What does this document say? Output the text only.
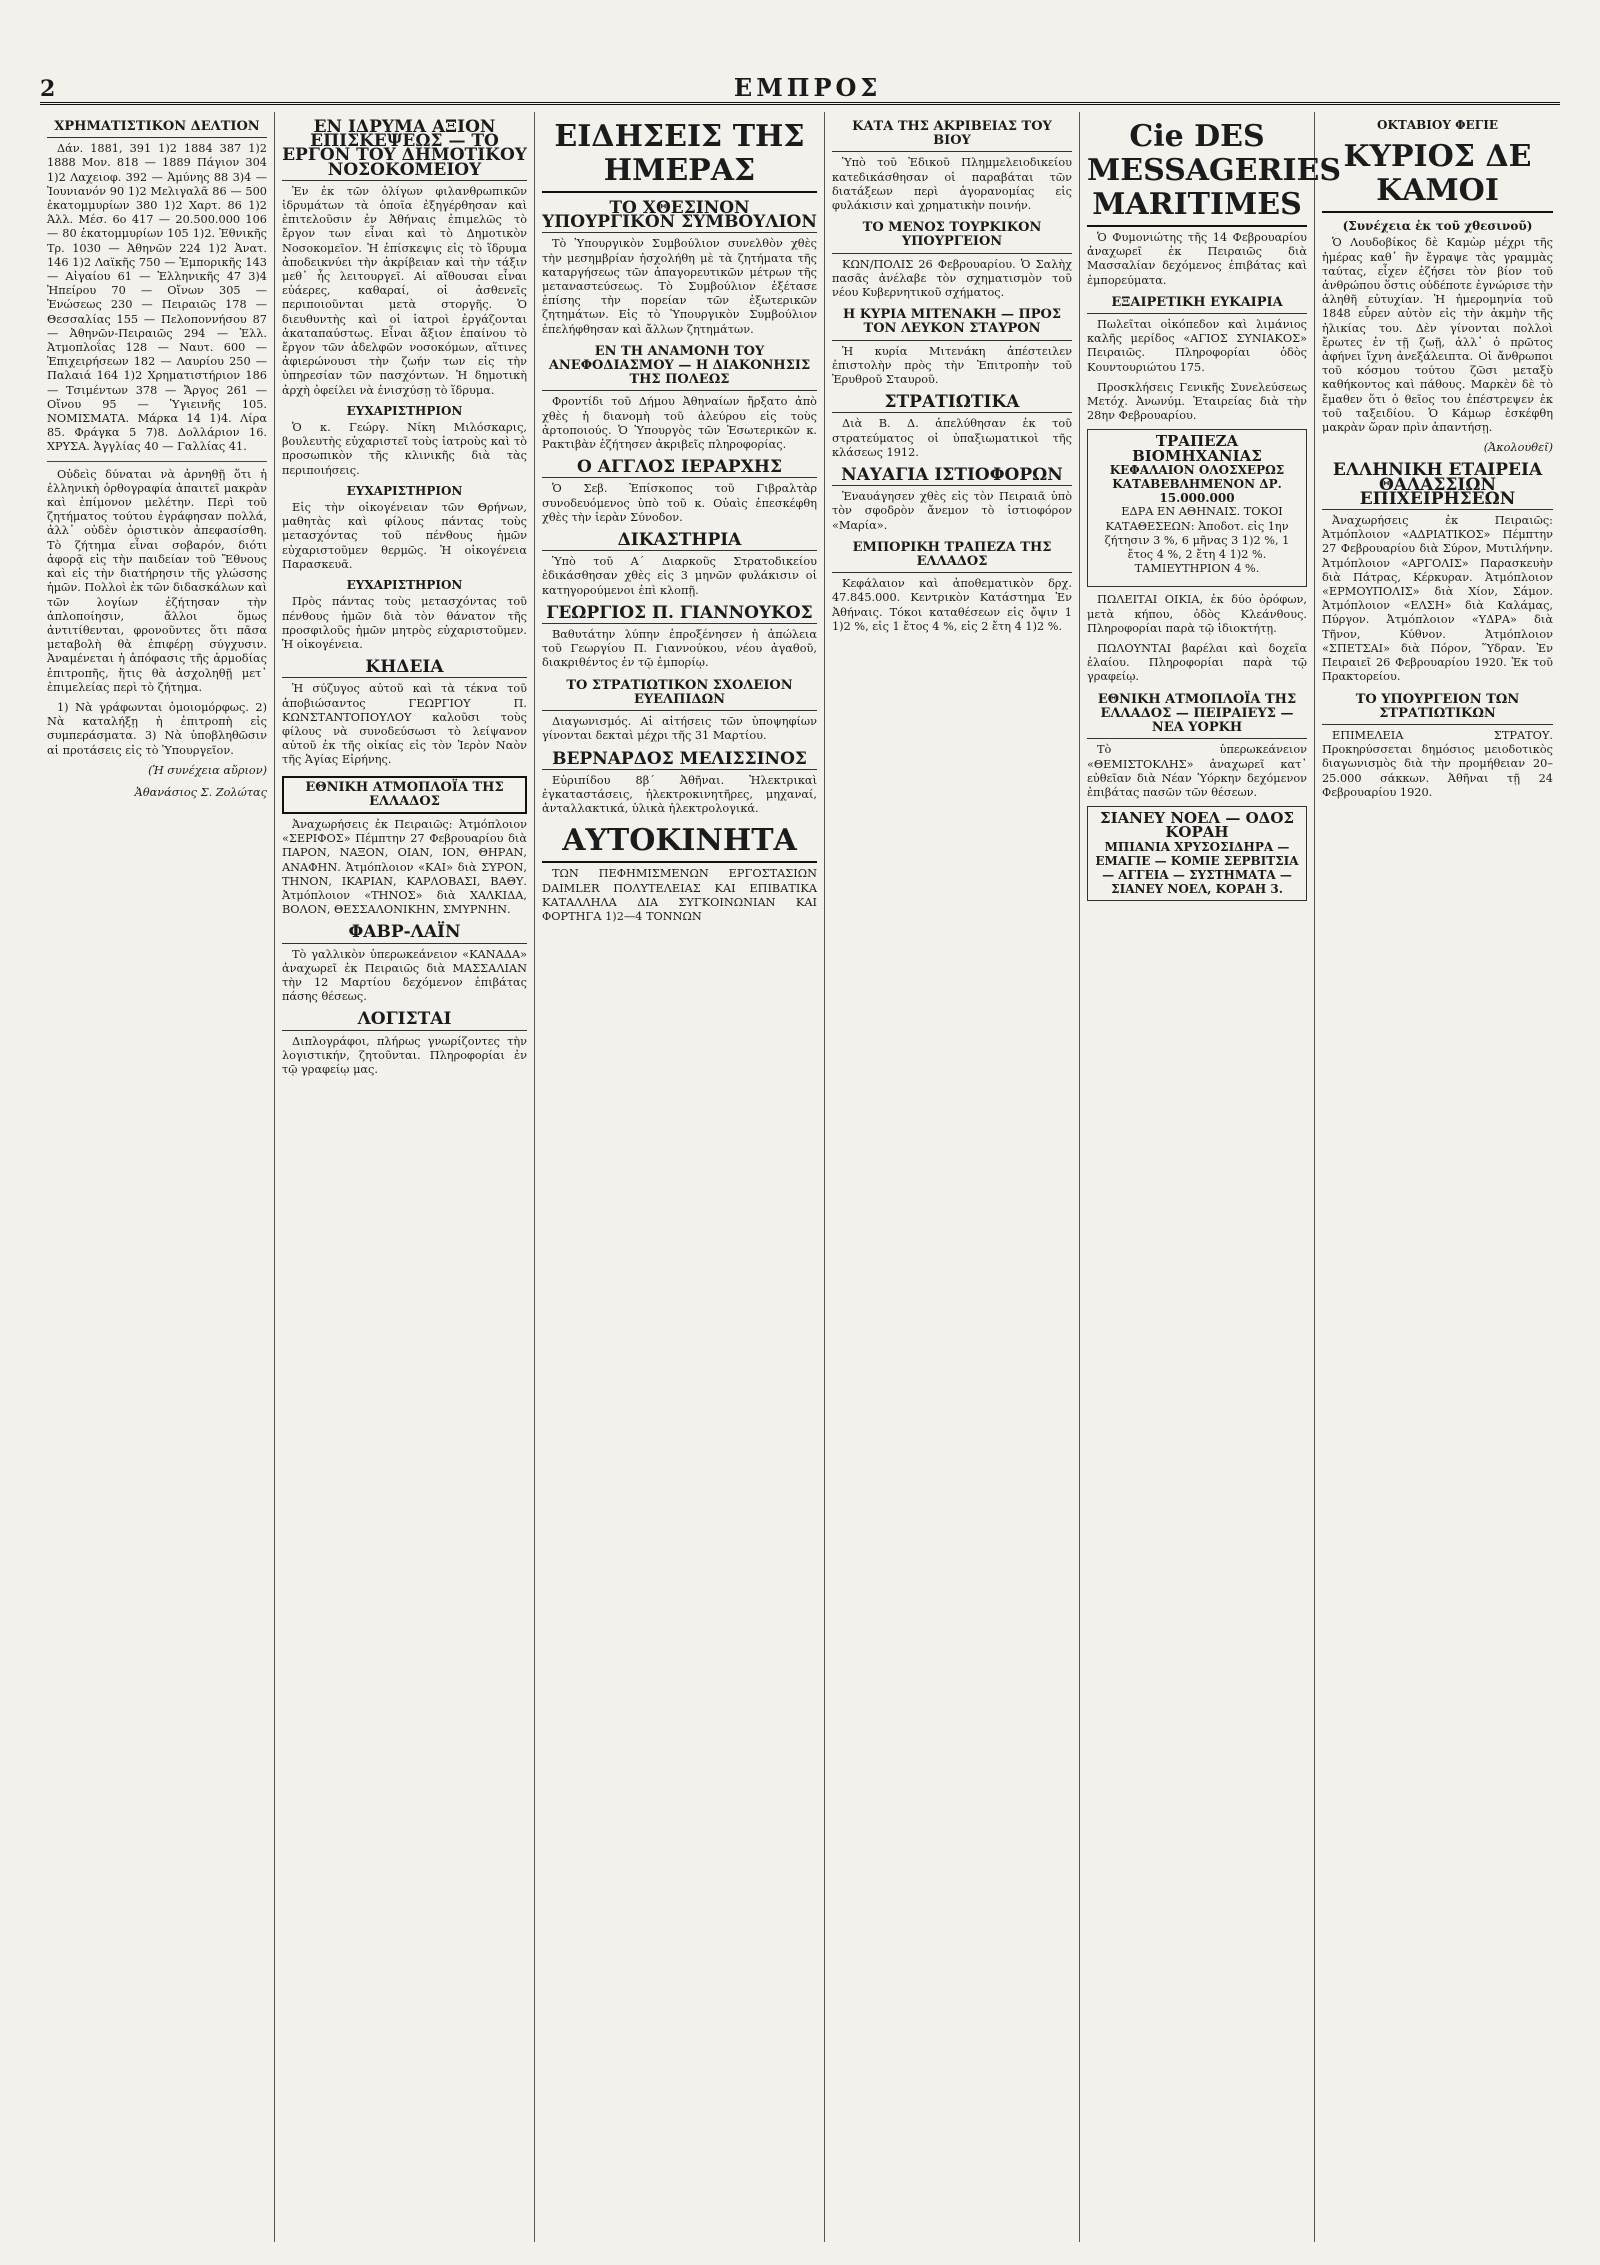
2	ΕΜΠΡΟΣ
ΧΡΗΜΑΤΙΣΤΙΚΟΝ ΔΕΛΤΙΟΝ

Δάν. 1881, 391 1)2 1884 387 1)2 1888 Μον. 818 — 1889 Πάγιον 304 1)2 Λαχειοφ. 392 — Ἀμύνης 88 3)4 — Ἰουνιανόν 90 1)2 Μελιγαλᾶ 86 — 500 ἑκατομμυρίων 380 1)2 Χαρτ. 86 1)2 Άλλ. Μέσ. 6ο 417 — 20.500.000 106 — 80 ἑκατομμυρίων 105 1)2. Ἐθνικῆς Τρ. 1030 — Ἀθηνῶν 224 1)2 Ἀνατ. 146 1)2 Λαϊκῆς 750 — Ἐμπορικῆς 143 — Αἰγαίου 61 — Ἑλληνικῆς 47 3)4 Ἠπείρου 70 — Οἴνων 305 — Ἐνώσεως 230 — Πειραιῶς 178 — Θεσσαλίας 155 — Πελοποννήσου 87 — Ἀθηνῶν-Πειραιῶς 294 — Ἑλλ. Ἀτμοπλοΐας 128 — Ναυτ. 600 — Ἐπιχειρήσεων 182 — Λαυρίου 250 — Παλαιά 164 1)2 Χρηματιστήριον 186 — Τσιμέντων 378 — Ἄργος 261 — Οἴνου 95 — Ὑγιεινῆς 105. ΝΟΜΙΣΜΑΤΑ. Μάρκα 14 1)4. Λίρα 85. Φράγκα 5 7)8. Δολλάριον 16. ΧΡΥΣΑ. Ἀγγλίας 40 — Γαλλίας 41.

Οὐδεὶς δύναται νὰ ἀρνηθῇ ὅτι ἡ ἐλληνικὴ ὀρθογραφία ἀπαιτεῖ μακρὰν καὶ ἐπίμονον μελέτην. Περὶ τοῦ ζητήματος τούτου ἐγράφησαν πολλά, ἀλλ᾽ οὐδὲν ὁριστικὸν ἀπεφασίσθη. Τὸ ζήτημα εἶναι σοβαρόν, διότι ἀφορᾷ εἰς τὴν παιδείαν τοῦ Ἔθνους καὶ εἰς τὴν διατήρησιν τῆς γλώσσης ἡμῶν. Πολλοὶ ἐκ τῶν διδασκάλων καὶ τῶν λογίων ἐζήτησαν τὴν ἁπλοποίησιν, ἄλλοι ὅμως ἀντιτίθενται, φρονοῦντες ὅτι πᾶσα μεταβολὴ θὰ ἐπιφέρῃ σύγχυσιν. Ἀναμένεται ἡ ἀπόφασις τῆς ἁρμοδίας ἐπιτροπῆς, ἥτις θὰ ἀσχοληθῇ μετ᾽ ἐπιμελείας περὶ τὸ ζήτημα.

1) Νὰ γράφωνται ὁμοιομόρφως. 2) Νὰ καταλήξῃ ἡ ἐπιτροπὴ εἰς συμπεράσματα. 3) Νὰ ὑποβληθῶσιν αἱ προτάσεις εἰς τὸ Ὑπουργεῖον.

(Ἡ συνέχεια αὔριον)
Ἀθανάσιος Σ. Ζολώτας
ΕΝ ΙΔΡΥΜΑ ΑΞΙΟΝ ΕΠΙΣΚΕΨΕΩΣ — ΤΟ ΕΡΓΟΝ ΤΟΥ ΔΗΜΟΤΙΚΟΥ ΝΟΣΟΚΟΜΕΙΟΥ

Ἐν ἐκ τῶν ὀλίγων φιλανθρωπικῶν ἱδρυμάτων τὰ ὁποῖα ἐξηγέρθησαν καὶ ἐπιτελοῦσιν ἐν Ἀθήναις ἐπιμελῶς τὸ ἔργον των εἶναι καὶ τὸ Δημοτικὸν Νοσοκομεῖον. Ἡ ἐπίσκεψις εἰς τὸ ἵδρυμα ἀποδεικνύει τὴν ἀκρίβειαν καὶ τὴν τάξιν μεθ᾽ ἧς λειτουργεῖ. Αἱ αἴθουσαι εἶναι εὐάερες, καθαραί, οἱ ἀσθενεῖς περιποιοῦνται μετὰ στοργῆς. Ὁ διευθυντὴς καὶ οἱ ἰατροὶ ἐργάζονται ἀκαταπαύστως. Εἶναι ἄξιον ἐπαίνου τὸ ἔργον τῶν ἀδελφῶν νοσοκόμων, αἵτινες ἀφιερώνουσι τὴν ζωήν των εἰς τὴν ὑπηρεσίαν τῶν πασχόντων. Ἡ δημοτικὴ ἀρχὴ ὀφείλει νὰ ἐνισχύσῃ τὸ ἵδρυμα.

ΕΥΧΑΡΙΣΤΗΡΙΟΝ

Ὁ κ. Γεώργ. Νίκη Μιλόσκαρις, βουλευτὴς εὐχαριστεῖ τοὺς ἰατροὺς καὶ τὸ προσωπικὸν τῆς κλινικῆς διὰ τὰς περιποιήσεις.

ΕΥΧΑΡΙΣΤΗΡΙΟΝ

Εἰς τὴν οἰκογένειαν τῶν Θρήνων, μαθητὰς καὶ φίλους πάντας τοὺς μετασχόντας τοῦ πένθους ἡμῶν εὐχαριστοῦμεν θερμῶς. Ἡ οἰκογένεια Παρασκευᾶ.

ΕΥΧΑΡΙΣΤΗΡΙΟΝ

Πρὸς πάντας τοὺς μετασχόντας τοῦ πένθους ἡμῶν διὰ τὸν θάνατον τῆς προσφιλοῦς ἡμῶν μητρὸς εὐχαριστοῦμεν. Ἡ οἰκογένεια.

ΚΗΔΕΙΑ

Ἡ σύζυγος αὐτοῦ καὶ τὰ τέκνα τοῦ ἀποβιώσαντος ΓΕΩΡΓΙΟΥ Π. ΚΩΝΣΤΑΝΤΟΠΟΥΛΟΥ καλοῦσι τοὺς φίλους νὰ συνοδεύσωσι τὸ λείψανον αὐτοῦ ἐκ τῆς οἰκίας εἰς τὸν Ἱερὸν Ναὸν τῆς Ἁγίας Εἰρήνης.

ΕΘΝΙΚΗ ΑΤΜΟΠΛΟΪΑ ΤΗΣ ΕΛΛΑΔΟΣ

Ἀναχωρήσεις ἐκ Πειραιῶς: Ἀτμόπλοιον «ΣΕΡΙΦΟΣ» Πέμπτην 27 Φεβρουαρίου διὰ ΠΑΡΟΝ, ΝΑΞΟΝ, ΟΙΑΝ, ΙΟΝ, ΘΗΡΑΝ, ΑΝΑΦΗΝ. Ἀτμόπλοιον «ΚΑΙ» διὰ ΣΥΡΟΝ, ΤΗΝΟΝ, ΙΚΑΡΙΑΝ, ΚΑΡΛΟΒΑΣΙ, ΒΑΘΥ. Ἀτμόπλοιον «ΤΗΝΟΣ» διὰ ΧΑΛΚΙΔΑ, ΒΟΛΟΝ, ΘΕΣΣΑΛΟΝΙΚΗΝ, ΣΜΥΡΝΗΝ.

ΦΑΒΡ-ΛΑΪΝ

Τὸ γαλλικὸν ὑπερωκεάνειον «ΚΑΝΑΔΑ» ἀναχωρεῖ ἐκ Πειραιῶς διὰ ΜΑΣΣΑΛΙΑΝ τὴν 12 Μαρτίου δεχόμενον ἐπιβάτας πάσης θέσεως.

ΛΟΓΙΣΤΑΙ

Διπλογράφοι, πλήρως γνωρίζοντες τὴν λογιστικήν, ζητοῦνται. Πληροφορίαι ἐν τῷ γραφείῳ μας.

ΕΙΔΗΣΕΙΣ ΤΗΣ ΗΜΕΡΑΣ
ΤΟ ΧΘΕΣΙΝΟΝ ΥΠΟΥΡΓΙΚΟΝ ΣΥΜΒΟΥΛΙΟΝ

Τὸ Ὑπουργικὸν Συμβούλιον συνελθὸν χθὲς τὴν μεσημβρίαν ἠσχολήθη μὲ τὰ ζητήματα τῆς καταργήσεως τῶν ἀπαγορευτικῶν μέτρων τῆς μεταναστεύσεως. Τὸ Συμβούλιον ἐξέτασε ἐπίσης τὴν πορείαν τῶν ἐξωτερικῶν ζητημάτων. Εἰς τὸ Ὑπουργικὸν Συμβούλιον ἐπελήφθησαν καὶ ἄλλων ζητημάτων.

ΕΝ ΤΗ ΑΝΑΜΟΝΗ ΤΟΥ ΑΝΕΦΟΔΙΑΣΜΟΥ — Η ΔΙΑΚΟΝΗΣΙΣ ΤΗΣ ΠΟΛΕΩΣ

Φροντίδι τοῦ Δήμου Ἀθηναίων ἤρξατο ἀπὸ χθὲς ἡ διανομὴ τοῦ ἀλεύρου εἰς τοὺς ἀρτοποιούς. Ὁ Ὑπουργὸς τῶν Ἐσωτερικῶν κ. Ρακτιβὰν ἐζήτησεν ἀκριβεῖς πληροφορίας.

Ο ΑΓΓΛΟΣ ΙΕΡΑΡΧΗΣ

Ὁ Σεβ. Ἐπίσκοπος τοῦ Γιβραλτὰρ συνοδευόμενος ὑπὸ τοῦ κ. Οὐαὶς ἐπεσκέφθη χθὲς τὴν ἱερὰν Σύνοδον.

ΔΙΚΑΣΤΗΡΙΑ

Ὑπὸ τοῦ Α΄ Διαρκοῦς Στρατοδικείου ἐδικάσθησαν χθὲς εἰς 3 μηνῶν φυλάκισιν οἱ κατηγορούμενοι ἐπὶ κλοπῇ.

ΓΕΩΡΓΙΟΣ Π. ΓΙΑΝΝΟΥΚΟΣ

Βαθυτάτην λύπην ἐπροξένησεν ἡ ἀπώλεια τοῦ Γεωργίου Π. Γιαννούκου, νέου ἀγαθοῦ, διακριθέντος ἐν τῷ ἐμπορίῳ.

ΤΟ ΣΤΡΑΤΙΩΤΙΚΟΝ ΣΧΟΛΕΙΟΝ ΕΥΕΛΠΙΔΩΝ

Διαγωνισμός. Αἱ αἰτήσεις τῶν ὑποψηφίων γίνονται δεκταὶ μέχρι τῆς 31 Μαρτίου.

ΒΕΡΝΑΡΔΟΣ ΜΕΛΙΣΣΙΝΟΣ

Εὐριπίδου 8β΄ Ἀθῆναι. Ἠλεκτρικαὶ ἐγκαταστάσεις, ἠλεκτροκινητῆρες, μηχαναί, ἀνταλλακτικά, ὑλικὰ ἠλεκτρολογικά.

ΑΥΤΟΚΙΝΗΤΑ

ΤΩΝ ΠΕΦΗΜΙΣΜΕΝΩΝ ΕΡΓΟΣΤΑΣΙΩΝ DAIMLER ΠΟΛΥΤΕΛΕΙΑΣ ΚΑΙ ΕΠΙΒΑΤΙΚΑ ΚΑΤΑΛΛΗΛΑ ΔΙΑ ΣΥΓΚΟΙΝΩΝΙΑΝ ΚΑΙ ΦΟΡΤΗΓΑ 1)2—4 ΤΟΝΝΩΝ

ΚΑΤΑ ΤΗΣ ΑΚΡΙΒΕΙΑΣ ΤΟΥ ΒΙΟΥ

Ὑπὸ τοῦ Ἐδικοῦ Πλημμελειοδικείου κατεδικάσθησαν οἱ παραβάται τῶν διατάξεων περὶ ἀγορανομίας εἰς φυλάκισιν καὶ χρηματικὴν ποινήν.

ΤΟ ΜΕΝΟΣ ΤΟΥΡΚΙΚΟΝ ΥΠΟΥΡΓΕΙΟΝ

ΚΩΝ/ΠΟΛΙΣ 26 Φεβρουαρίου. Ὁ Σαλὴχ πασᾶς ἀνέλαβε τὸν σχηματισμὸν τοῦ νέου Κυβερνητικοῦ σχήματος.

Η ΚΥΡΙΑ ΜΙΤΕΝΑΚΗ — ΠΡΟΣ ΤΟΝ ΛΕΥΚΟΝ ΣΤΑΥΡΟΝ

Ἡ κυρία Μιτενάκη ἀπέστειλεν ἐπιστολὴν πρὸς τὴν Ἐπιτροπὴν τοῦ Ἐρυθροῦ Σταυροῦ.

ΣΤΡΑΤΙΩΤΙΚΑ

Διὰ Β. Δ. ἀπελύθησαν ἐκ τοῦ στρατεύματος οἱ ὑπαξιωματικοὶ τῆς κλάσεως 1912.

ΝΑΥΑΓΙΑ ΙΣΤΙΟΦΟΡΩΝ

Ἐναυάγησεν χθὲς εἰς τὸν Πειραιᾶ ὑπὸ τὸν σφοδρὸν ἄνεμον τὸ ἱστιοφόρον «Μαρία».

ΕΜΠΟΡΙΚΗ ΤΡΑΠΕΖΑ ΤΗΣ ΕΛΛΑΔΟΣ

Κεφάλαιον καὶ ἀποθεματικὸν δρχ. 47.845.000. Κεντρικὸν Κατάστημα Ἐν Ἀθήναις. Τόκοι καταθέσεων εἰς ὄψιν 1 1)2 %, εἰς 1 ἔτος 4 %, εἰς 2 ἔτη 4 1)2 %.

Cie DES MESSAGERIES MARITIMES

Ὁ Φυμονιώτης τῆς 14 Φεβρουαρίου ἀναχωρεῖ ἐκ Πειραιῶς διὰ Μασσαλίαν δεχόμενος ἐπιβάτας καὶ ἐμπορεύματα.

ΕΞΑΙΡΕΤΙΚΗ ΕΥΚΑΙΡΙΑ

Πωλεῖται οἰκόπεδον καὶ λιμάνιος καλῆς μερίδος «ΑΓΙΟΣ ΣΥΝΙΑΚΟΣ» Πειραιῶς. Πληροφορίαι ὁδὸς Κουντουριώτου 175.

Προσκλήσεις Γενικῆς Συνελεύσεως Μετόχ. Ἀνωνύμ. Ἑταιρείας διὰ τὴν 28ην Φεβρουαρίου.

ΤΡΑΠΕΖΑ ΒΙΟΜΗΧΑΝΙΑΣ
ΚΕΦΑΛΑΙΟΝ ΟΛΟΣΧΕΡΩΣ ΚΑΤΑΒΕΒΛΗΜΕΝΟΝ ΔΡ. 15.000.000

ΕΔΡΑ ΕΝ ΑΘΗΝΑΙΣ. ΤΟΚΟΙ ΚΑΤΑΘΕΣΕΩΝ: Ἀποδοτ. εἰς 1ην ζήτησιν 3 %, 6 μῆνας 3 1)2 %, 1 ἔτος 4 %, 2 ἔτη 4 1)2 %. ΤΑΜΙΕΥΤΗΡΙΟΝ 4 %.

ΠΩΛΕΙΤΑΙ ΟΙΚΙΑ, ἐκ δύο ὀρόφων, μετὰ κήπου, ὁδὸς Κλεάνθους. Πληροφορίαι παρὰ τῷ ἰδιοκτήτῃ.

ΠΩΛΟΥΝΤΑΙ βαρέλαι καὶ δοχεῖα ἐλαίου. Πληροφορίαι παρὰ τῷ γραφείῳ.

ΕΘΝΙΚΗ ΑΤΜΟΠΛΟΪΑ ΤΗΣ ΕΛΛΑΔΟΣ — ΠΕΙΡΑΙΕΥΣ — ΝΕΑ ΥΟΡΚΗ

Τὸ ὑπερωκεάνειον «ΘΕΜΙΣΤΟΚΛΗΣ» ἀναχωρεῖ κατ᾽ εὐθεῖαν διὰ Νέαν Ὑόρκην δεχόμενον ἐπιβάτας πασῶν τῶν θέσεων.

ΣΙΑΝΕΥ ΝΟΕΛ — ΟΔΟΣ ΚΟΡΑΗ
ΜΠΙΑΝΙΑ ΧΡΥΣΟΣΙΔΗΡΑ — ΕΜΑΓΙΕ — ΚΟΜΙΕ ΣΕΡΒΙΤΣΙΑ — ΑΓΓΕΙΑ — ΣΥΣΤΗΜΑΤΑ — ΣΙΑΝΕΥ ΝΟΕΛ, ΚΟΡΑΗ 3.
ΟΚΤΑΒΙΟΥ ΦΕΓΙΕ
ΚΥΡΙΟΣ ΔΕ ΚΑΜΟΙ
(Συνέχεια ἐκ τοῦ χθεσινοῦ)

Ὁ Λουδοβίκος δὲ Καμὼρ μέχρι τῆς ἡμέρας καθ᾽ ἣν ἔγραψε τὰς γραμμὰς ταύτας, εἶχεν ἐζήσει τὸν βίον τοῦ ἀνθρώπου ὅστις οὐδέποτε ἐγνώρισε τὴν ἀληθῆ εὐτυχίαν. Ἡ ἡμερομηνία τοῦ 1848 εὗρεν αὐτὸν εἰς τὴν ἀκμὴν τῆς ἡλικίας του. Δὲν γίνονται πολλοὶ ἔρωτες ἐν τῇ ζωῇ, ἀλλ᾽ ὁ πρῶτος ἀφήνει ἴχνη ἀνεξάλειπτα. Οἱ ἄνθρωποι τοῦ κόσμου τούτου ζῶσι μεταξὺ καθήκοντος καὶ πάθους. Μαρκὲν δὲ τὸ ἔμαθεν ὅτι ὁ θεῖος του ἐπέστρεψεν ἐκ τοῦ ταξειδίου. Ὁ Κάμωρ ἐσκέφθη μακρὰν ὥραν πρὶν ἀπαντήσῃ.

(Ἀκολουθεῖ)
ΕΛΛΗΝΙΚΗ ΕΤΑΙΡΕΙΑ ΘΑΛΑΣΣΙΩΝ ΕΠΙΧΕΙΡΗΣΕΩΝ

Ἀναχωρήσεις ἐκ Πειραιῶς: Ἀτμόπλοιον «ΑΔΡΙΑΤΙΚΟΣ» Πέμπτην 27 Φεβρουαρίου διὰ Σύρον, Μυτιλήνην. Ἀτμόπλοιον «ΑΡΓΟΛΙΣ» Παρασκευὴν διὰ Πάτρας, Κέρκυραν. Ἀτμόπλοιον «ΕΡΜΟΥΠΟΛΙΣ» διὰ Χίον, Σάμον. Ἀτμόπλοιον «ΕΛΣΗ» διὰ Καλάμας, Πύργον. Ἀτμόπλοιον «ΥΔΡΑ» διὰ Τῆνον, Κύθνον. Ἀτμόπλοιον «ΣΠΕΤΣΑΙ» διὰ Πόρον, Ὕδραν. Ἐν Πειραιεῖ 26 Φεβρουαρίου 1920. Ἐκ τοῦ Πρακτορείου.

ΤΟ ΥΠΟΥΡΓΕΙΟΝ ΤΩΝ ΣΤΡΑΤΙΩΤΙΚΩΝ

ΕΠΙΜΕΛΕΙΑ ΣΤΡΑΤΟΥ. Προκηρύσσεται δημόσιος μειοδοτικὸς διαγωνισμὸς διὰ τὴν προμήθειαν 20–25.000 σάκκων. Ἀθῆναι τῇ 24 Φεβρουαρίου 1920.
